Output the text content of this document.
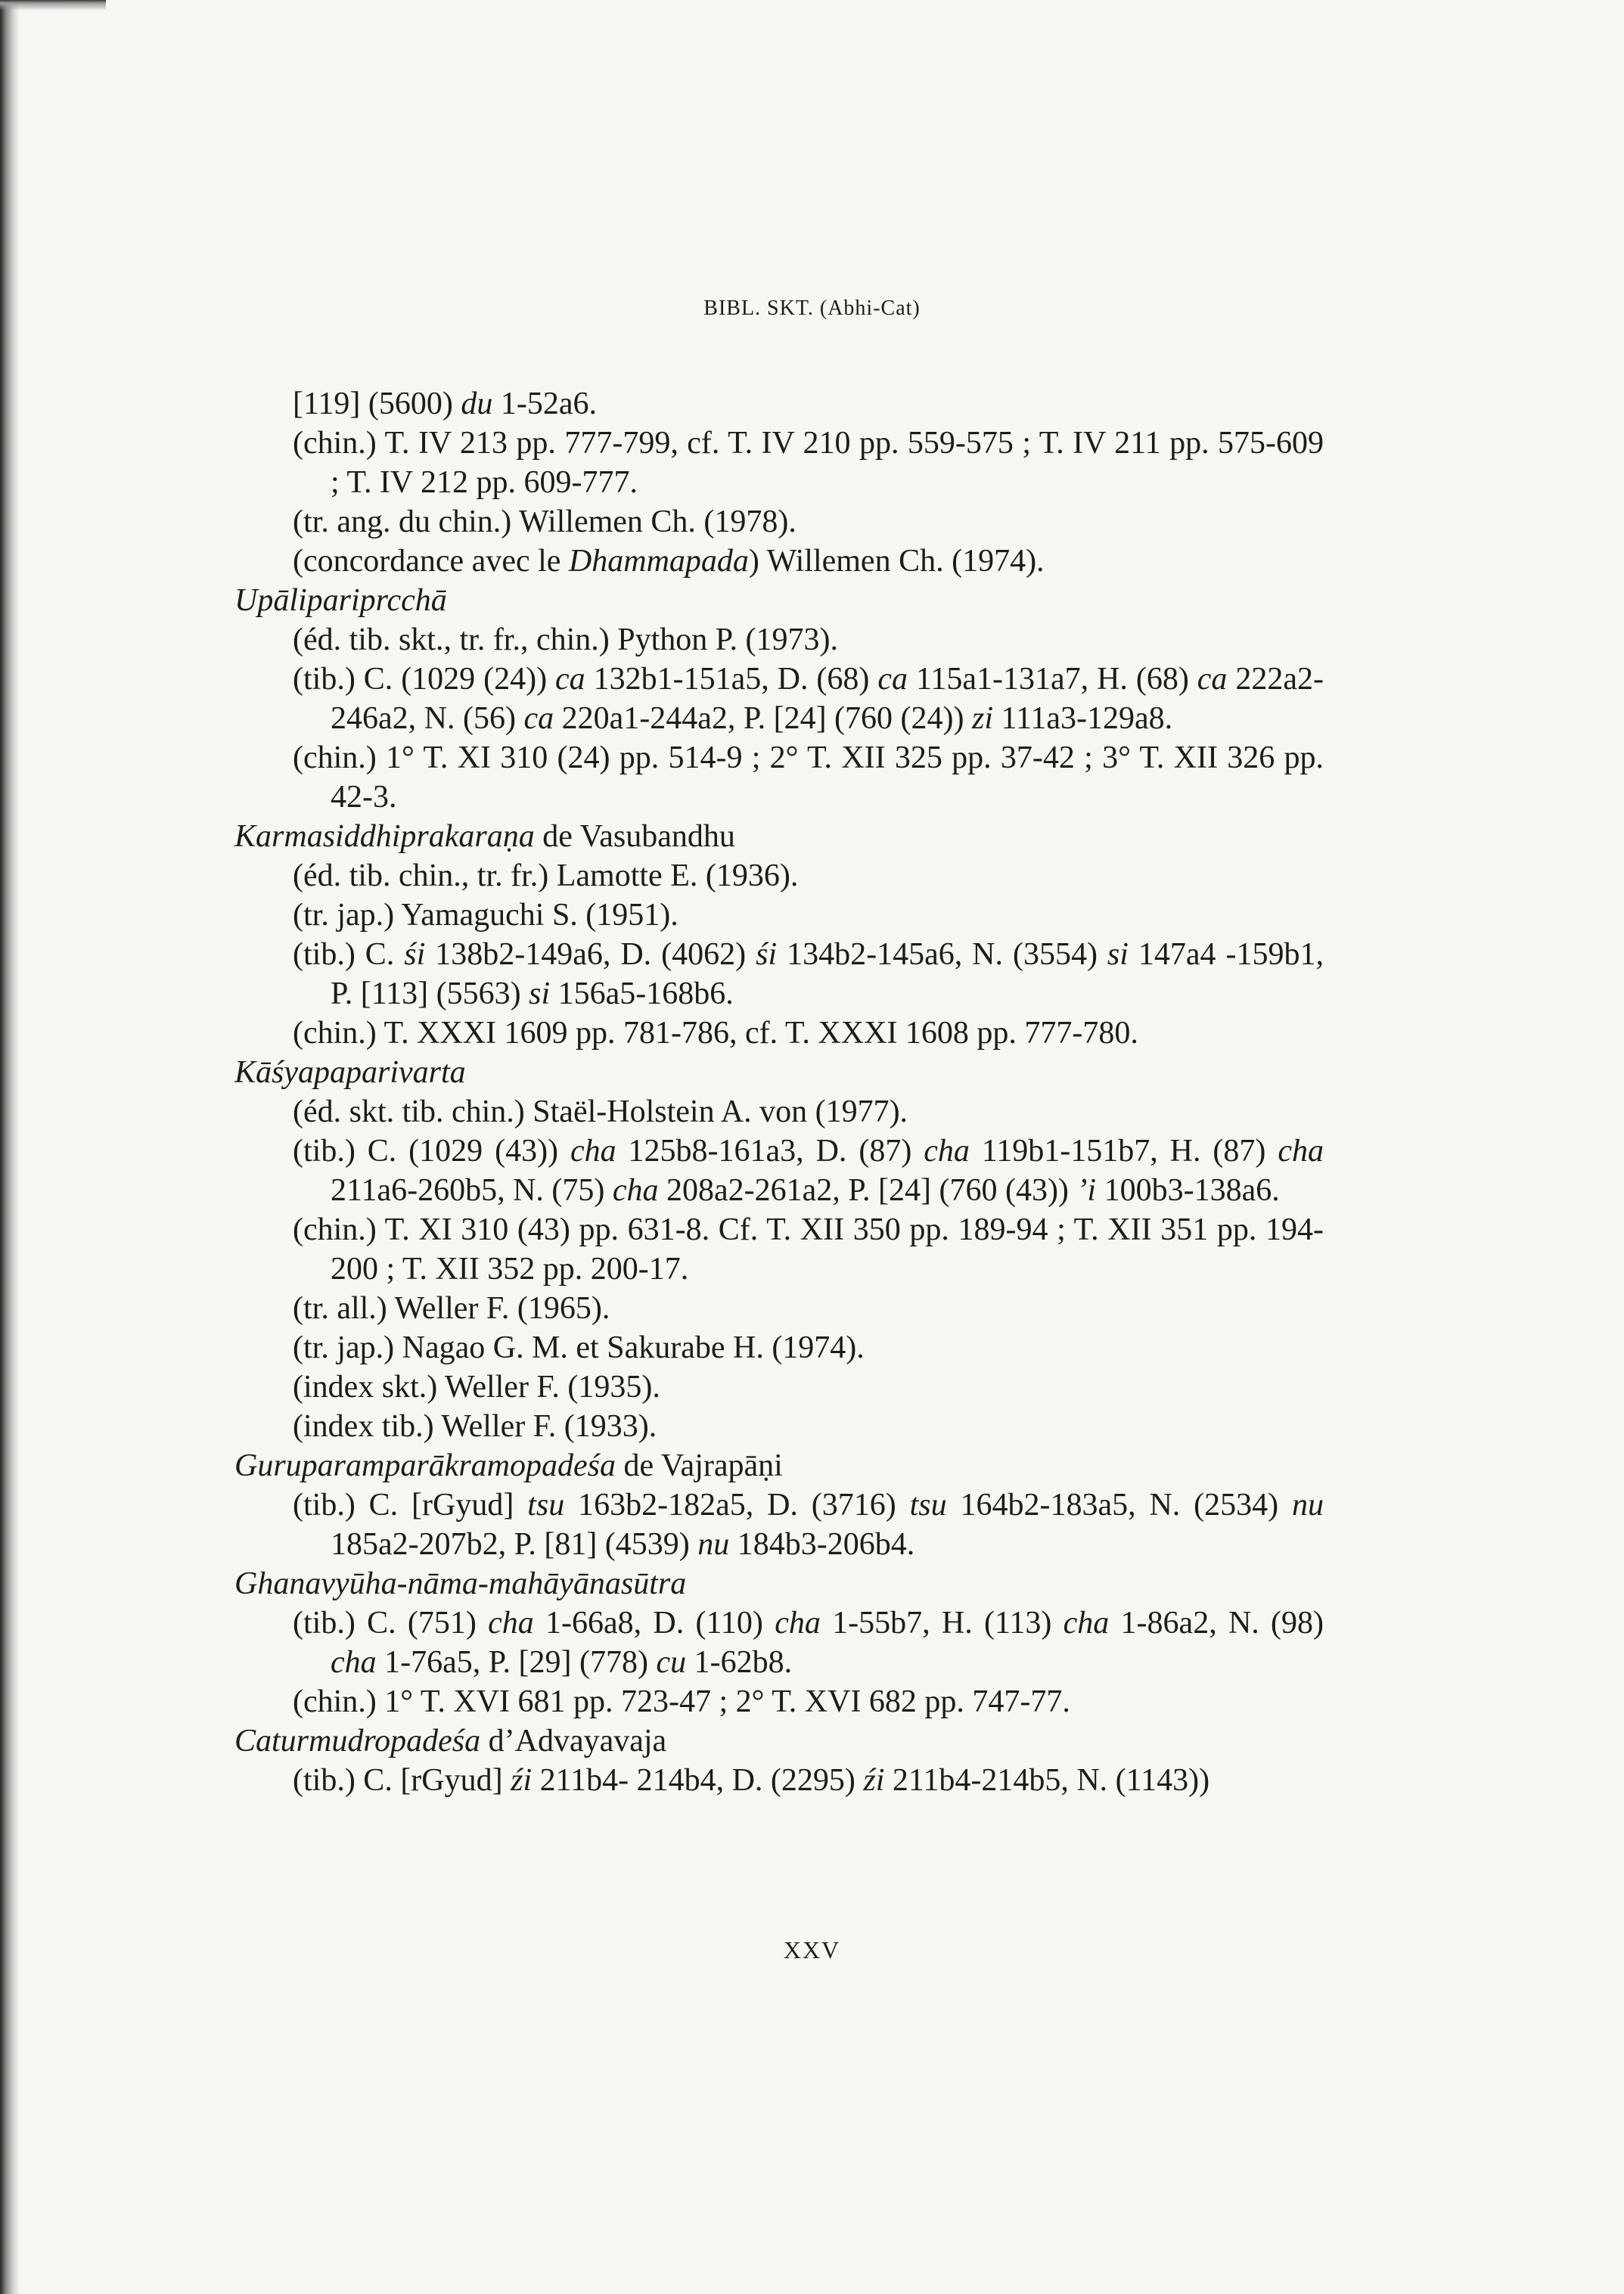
BIBL. SKT. (Abhi-Cat)

[119] (5600) du 1-52a6.

(chin.) T. IV 213 pp. 777-799, cf. T. IV 210 pp. 559-575 ; T. IV 211 pp. 575-609 ; T. IV 212 pp. 609-777.

(tr. ang. du chin.) Willemen Ch. (1978).

(concordance avec le Dhammapada) Willemen Ch. (1974).

Upālipariprcchā

(éd. tib. skt., tr. fr., chin.) Python P. (1973).

(tib.) C. (1029 (24)) ca 132b1-151a5, D. (68) ca 115a1-131a7, H. (68) ca 222a2-246a2, N. (56) ca 220a1-244a2, P. [24] (760 (24)) zi 111a3-129a8.

(chin.) 1° T. XI 310 (24) pp. 514-9 ; 2° T. XII 325 pp. 37-42 ; 3° T. XII 326 pp. 42-3.

Karmasiddhiprakaraṇa de Vasubandhu

(éd. tib. chin., tr. fr.) Lamotte E. (1936).

(tr. jap.) Yamaguchi S. (1951).

(tib.) C. śi 138b2-149a6, D. (4062) śi 134b2-145a6, N. (3554) si 147a4 -159b1, P. [113] (5563) si 156a5-168b6.

(chin.) T. XXXI 1609 pp. 781-786, cf. T. XXXI 1608 pp. 777-780.

Kāśyapaparivarta

(éd. skt. tib. chin.) Staël-Holstein A. von (1977).

(tib.) C. (1029 (43)) cha 125b8-161a3, D. (87) cha 119b1-151b7, H. (87) cha 211a6-260b5, N. (75) cha 208a2-261a2, P. [24] (760 (43)) ’i 100b3-138a6.

(chin.) T. XI 310 (43) pp. 631-8. Cf. T. XII 350 pp. 189-94 ; T. XII 351 pp. 194-200 ; T. XII 352 pp. 200-17.

(tr. all.) Weller F. (1965).

(tr. jap.) Nagao G. M. et Sakurabe H. (1974).

(index skt.) Weller F. (1935).

(index tib.) Weller F. (1933).

Guruparamparākramopadeśa de Vajrapāṇi

(tib.) C. [rGyud] tsu 163b2-182a5, D. (3716) tsu 164b2-183a5, N. (2534) nu 185a2-207b2, P. [81] (4539) nu 184b3-206b4.

Ghanavyūha-nāma-mahāyānasūtra

(tib.) C. (751) cha 1-66a8, D. (110) cha 1-55b7, H. (113) cha 1-86a2, N. (98) cha 1-76a5, P. [29] (778) cu 1-62b8.

(chin.) 1° T. XVI 681 pp. 723-47 ; 2° T. XVI 682 pp. 747-77.

Caturmudropadeśa d’Advayavaja

(tib.) C. [rGyud] źi 211b4- 214b4, D. (2295) źi 211b4-214b5, N. (1143))

XXV
